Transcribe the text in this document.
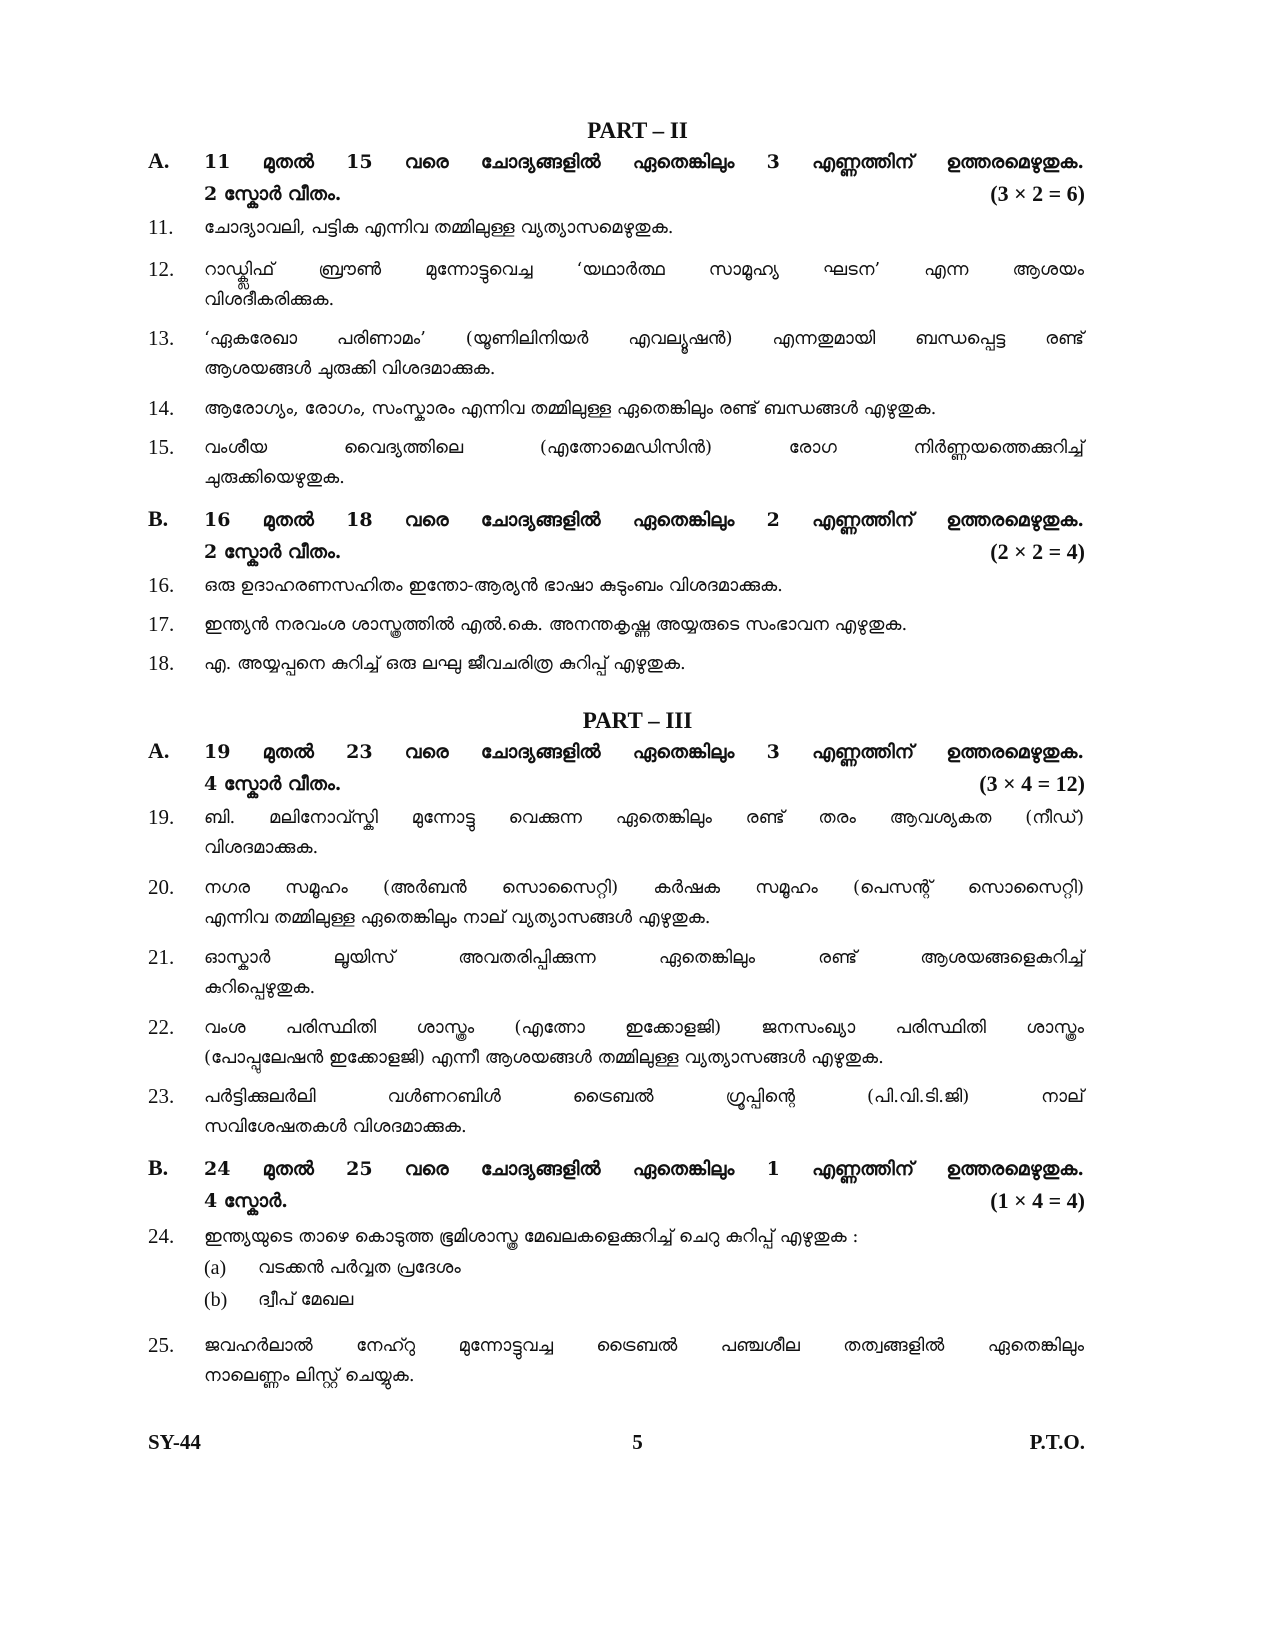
PART – II
A. 11 മുതൽ 15 വരെ ചോദ്യങ്ങളിൽ ഏതെങ്കിലും 3 എണ്ണത്തിന് ഉത്തരമെഴുതുക.
2 സ്കോർ വീതം.	(3 × 2 = 6)
11. ചോദ്യാവലി, പട്ടിക എന്നിവ തമ്മിലുള്ള വ്യത്യാസമെഴുതുക.
12. റാഡ്ക്ലിഫ് ബ്രൗൺ മുന്നോട്ടുവെച്ച ‘യഥാർത്ഥ സാമൂഹ്യ ഘടന’ എന്ന ആശയം
വിശദീകരിക്കുക.
13. ‘ഏകരേഖാ പരിണാമം’ (യൂണിലിനിയർ എവല്യൂഷൻ) എന്നതുമായി ബന്ധപ്പെട്ട രണ്ട്
ആശയങ്ങൾ ചുരുക്കി വിശദമാക്കുക.
14. ആരോഗ്യം, രോഗം, സംസ്കാരം എന്നിവ തമ്മിലുള്ള ഏതെങ്കിലും രണ്ട് ബന്ധങ്ങൾ എഴുതുക.
15. വംശീയ വൈദ്യത്തിലെ (എത്നോമെഡിസിൻ) രോഗ നിർണ്ണയത്തെക്കുറിച്ച്
ചുരുക്കിയെഴുതുക.
B. 16 മുതൽ 18 വരെ ചോദ്യങ്ങളിൽ ഏതെങ്കിലും 2 എണ്ണത്തിന് ഉത്തരമെഴുതുക.
2 സ്കോർ വീതം.	(2 × 2 = 4)
16. ഒരു ഉദാഹരണസഹിതം ഇന്തോ-ആര്യൻ ഭാഷാ കുടുംബം വിശദമാക്കുക.
17. ഇന്ത്യൻ നരവംശ ശാസ്ത്രത്തിൽ എൽ.കെ. അനന്തകൃഷ്ണ അയ്യരുടെ സംഭാവന എഴുതുക.
18. എ. അയ്യപ്പനെ കുറിച്ച് ഒരു ലഘു ജീവചരിത്ര കുറിപ്പ് എഴുതുക.
PART – III
A. 19 മുതൽ 23 വരെ ചോദ്യങ്ങളിൽ ഏതെങ്കിലും 3 എണ്ണത്തിന് ഉത്തരമെഴുതുക.
4 സ്കോർ വീതം.	(3 × 4 = 12)
19. ബി. മലിനോവ്സ്കി മുന്നോട്ടു വെക്കുന്ന ഏതെങ്കിലും രണ്ട് തരം ആവശ്യകത (നീഡ്)
വിശദമാക്കുക.
20. നഗര സമൂഹം (അർബൻ സൊസൈറ്റി) കർഷക സമൂഹം (പെസന്റ് സൊസൈറ്റി)
എന്നിവ തമ്മിലുള്ള ഏതെങ്കിലും നാല് വ്യത്യാസങ്ങൾ എഴുതുക.
21. ഓസ്കാർ ലൂയിസ് അവതരിപ്പിക്കുന്ന ഏതെങ്കിലും രണ്ട് ആശയങ്ങളെകുറിച്ച്
കുറിപ്പെഴുതുക.
22. വംശ പരിസ്ഥിതി ശാസ്ത്രം (എത്നോ ഇക്കോളജി) ജനസംഖ്യാ പരിസ്ഥിതി ശാസ്ത്രം
(പോപ്പുലേഷൻ ഇക്കോളജി) എന്നീ ആശയങ്ങൾ തമ്മിലുള്ള വ്യത്യാസങ്ങൾ എഴുതുക.
23. പർട്ടിക്കുലർലി വൾണറബിൾ ട്രൈബൽ ഗ്രൂപ്പിന്റെ (പി.വി.ടി.ജി) നാല്
സവിശേഷതകൾ വിശദമാക്കുക.
B. 24 മുതൽ 25 വരെ ചോദ്യങ്ങളിൽ ഏതെങ്കിലും 1 എണ്ണത്തിന് ഉത്തരമെഴുതുക.
4 സ്കോർ.	(1 × 4 = 4)
24. ഇന്ത്യയുടെ താഴെ കൊടുത്ത ഭൂമിശാസ്ത്ര മേഖലകളെക്കുറിച്ച് ചെറു കുറിപ്പ് എഴുതുക :
(a) വടക്കൻ പർവ്വത പ്രദേശം
(b) ദ്വീപ് മേഖല
25. ജവഹർലാൽ നേഹ്റു മുന്നോട്ടുവച്ച ട്രൈബൽ പഞ്ചശീല തത്വങ്ങളിൽ ഏതെങ്കിലും
നാലെണ്ണം ലിസ്റ്റ് ചെയ്യുക.
SY-44	5	P.T.O.
